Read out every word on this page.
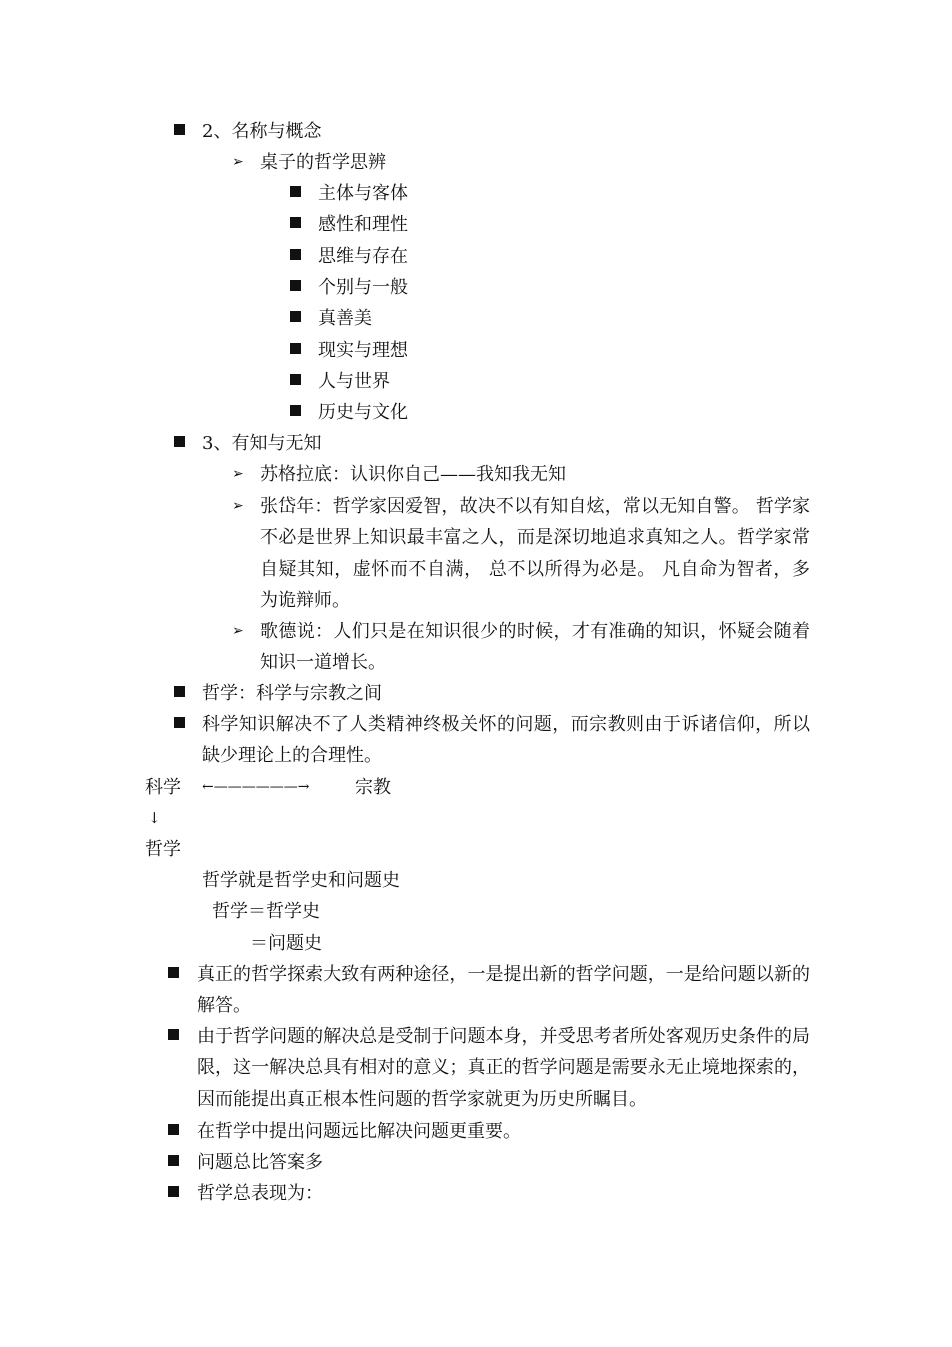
2、名称与概念
➢ 桌子的哲学思辨
主体与客体
感性和理性
思维与存在
个别与一般
真善美
现实与理想
人与世界
历史与文化
3、有知与无知
➢ 苏格拉底：认识你自己——我知我无知
➢ 张岱年：哲学家因爱智，故决不以有知自炫，常以无知自警。 哲学家不必是世界上知识最丰富之人，而是深切地追求真知之人。哲学家常自疑其知，虚怀而不自满， 总不以所得为必是。 凡自命为智者，多为诡辩师。
➢ 歌德说：人们只是在知识很少的时候，才有准确的知识，怀疑会随着知识一道增长。
哲学：科学与宗教之间
科学知识解决不了人类精神终极关怀的问题，而宗教则由于诉诸信仰，所以缺少理论上的合理性。
科学 ←——————→	宗教
↓
哲学
哲学就是哲学史和问题史
哲学＝哲学史
＝问题史
真正的哲学探索大致有两种途径，一是提出新的哲学问题，一是给问题以新的解答。
由于哲学问题的解决总是受制于问题本身，并受思考者所处客观历史条件的局限，这一解决总具有相对的意义；真正的哲学问题是需要永无止境地探索的，因而能提出真正根本性问题的哲学家就更为历史所瞩目。
在哲学中提出问题远比解决问题更重要。
问题总比答案多
哲学总表现为：
